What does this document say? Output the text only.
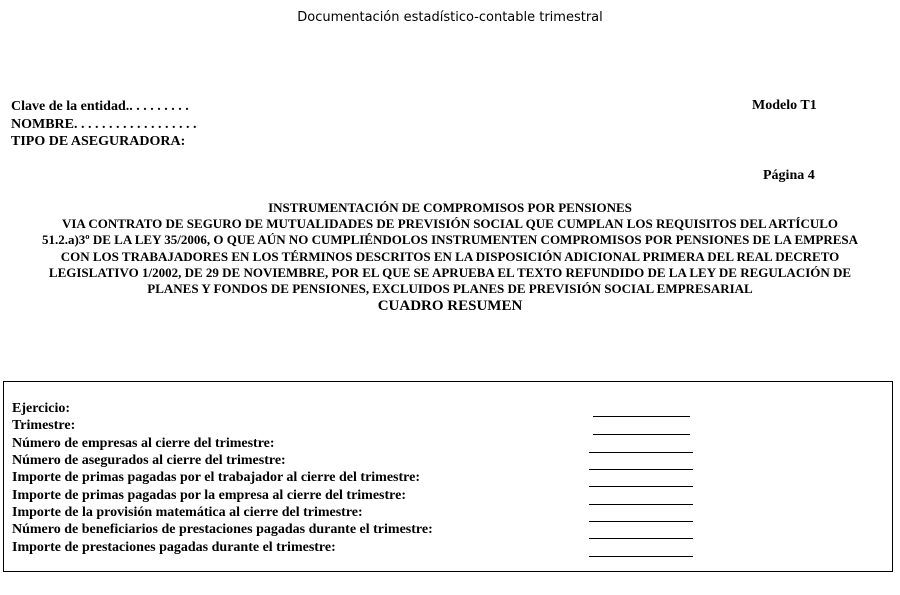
Documentación estadístico-contable trimestral
Clave de la entidad.. . . . . . . . .
NOMBRE. . . . . . . . . . . . . . . . . .
TIPO DE ASEGURADORA:
Modelo T1
Página 4
INSTRUMENTACIÓN DE COMPROMISOS POR PENSIONES
VIA CONTRATO DE SEGURO DE MUTUALIDADES DE PREVISIÓN SOCIAL QUE CUMPLAN LOS REQUISITOS DEL ARTÍCULO
51.2.a)3º DE LA LEY 35/2006, O QUE AÚN NO CUMPLIÉNDOLOS INSTRUMENTEN COMPROMISOS POR PENSIONES DE LA EMPRESA
CON LOS TRABAJADORES EN LOS TÉRMINOS DESCRITOS EN LA DISPOSICIÓN ADICIONAL PRIMERA DEL REAL DECRETO
LEGISLATIVO 1/2002, DE 29 DE NOVIEMBRE, POR EL QUE SE APRUEBA EL TEXTO REFUNDIDO DE LA LEY DE REGULACIÓN DE
PLANES Y FONDOS DE PENSIONES, EXCLUIDOS PLANES DE PREVISIÓN SOCIAL EMPRESARIAL
CUADRO RESUMEN
Ejercicio:
Trimestre:
Número de empresas al cierre del trimestre:
Número de asegurados al cierre del trimestre:
Importe de primas pagadas por el trabajador al cierre del trimestre:
Importe de primas pagadas por la empresa al cierre del trimestre:
Importe de la provisión matemática al cierre del trimestre:
Número de beneficiarios de prestaciones pagadas durante el trimestre:
Importe de prestaciones pagadas durante el trimestre:
